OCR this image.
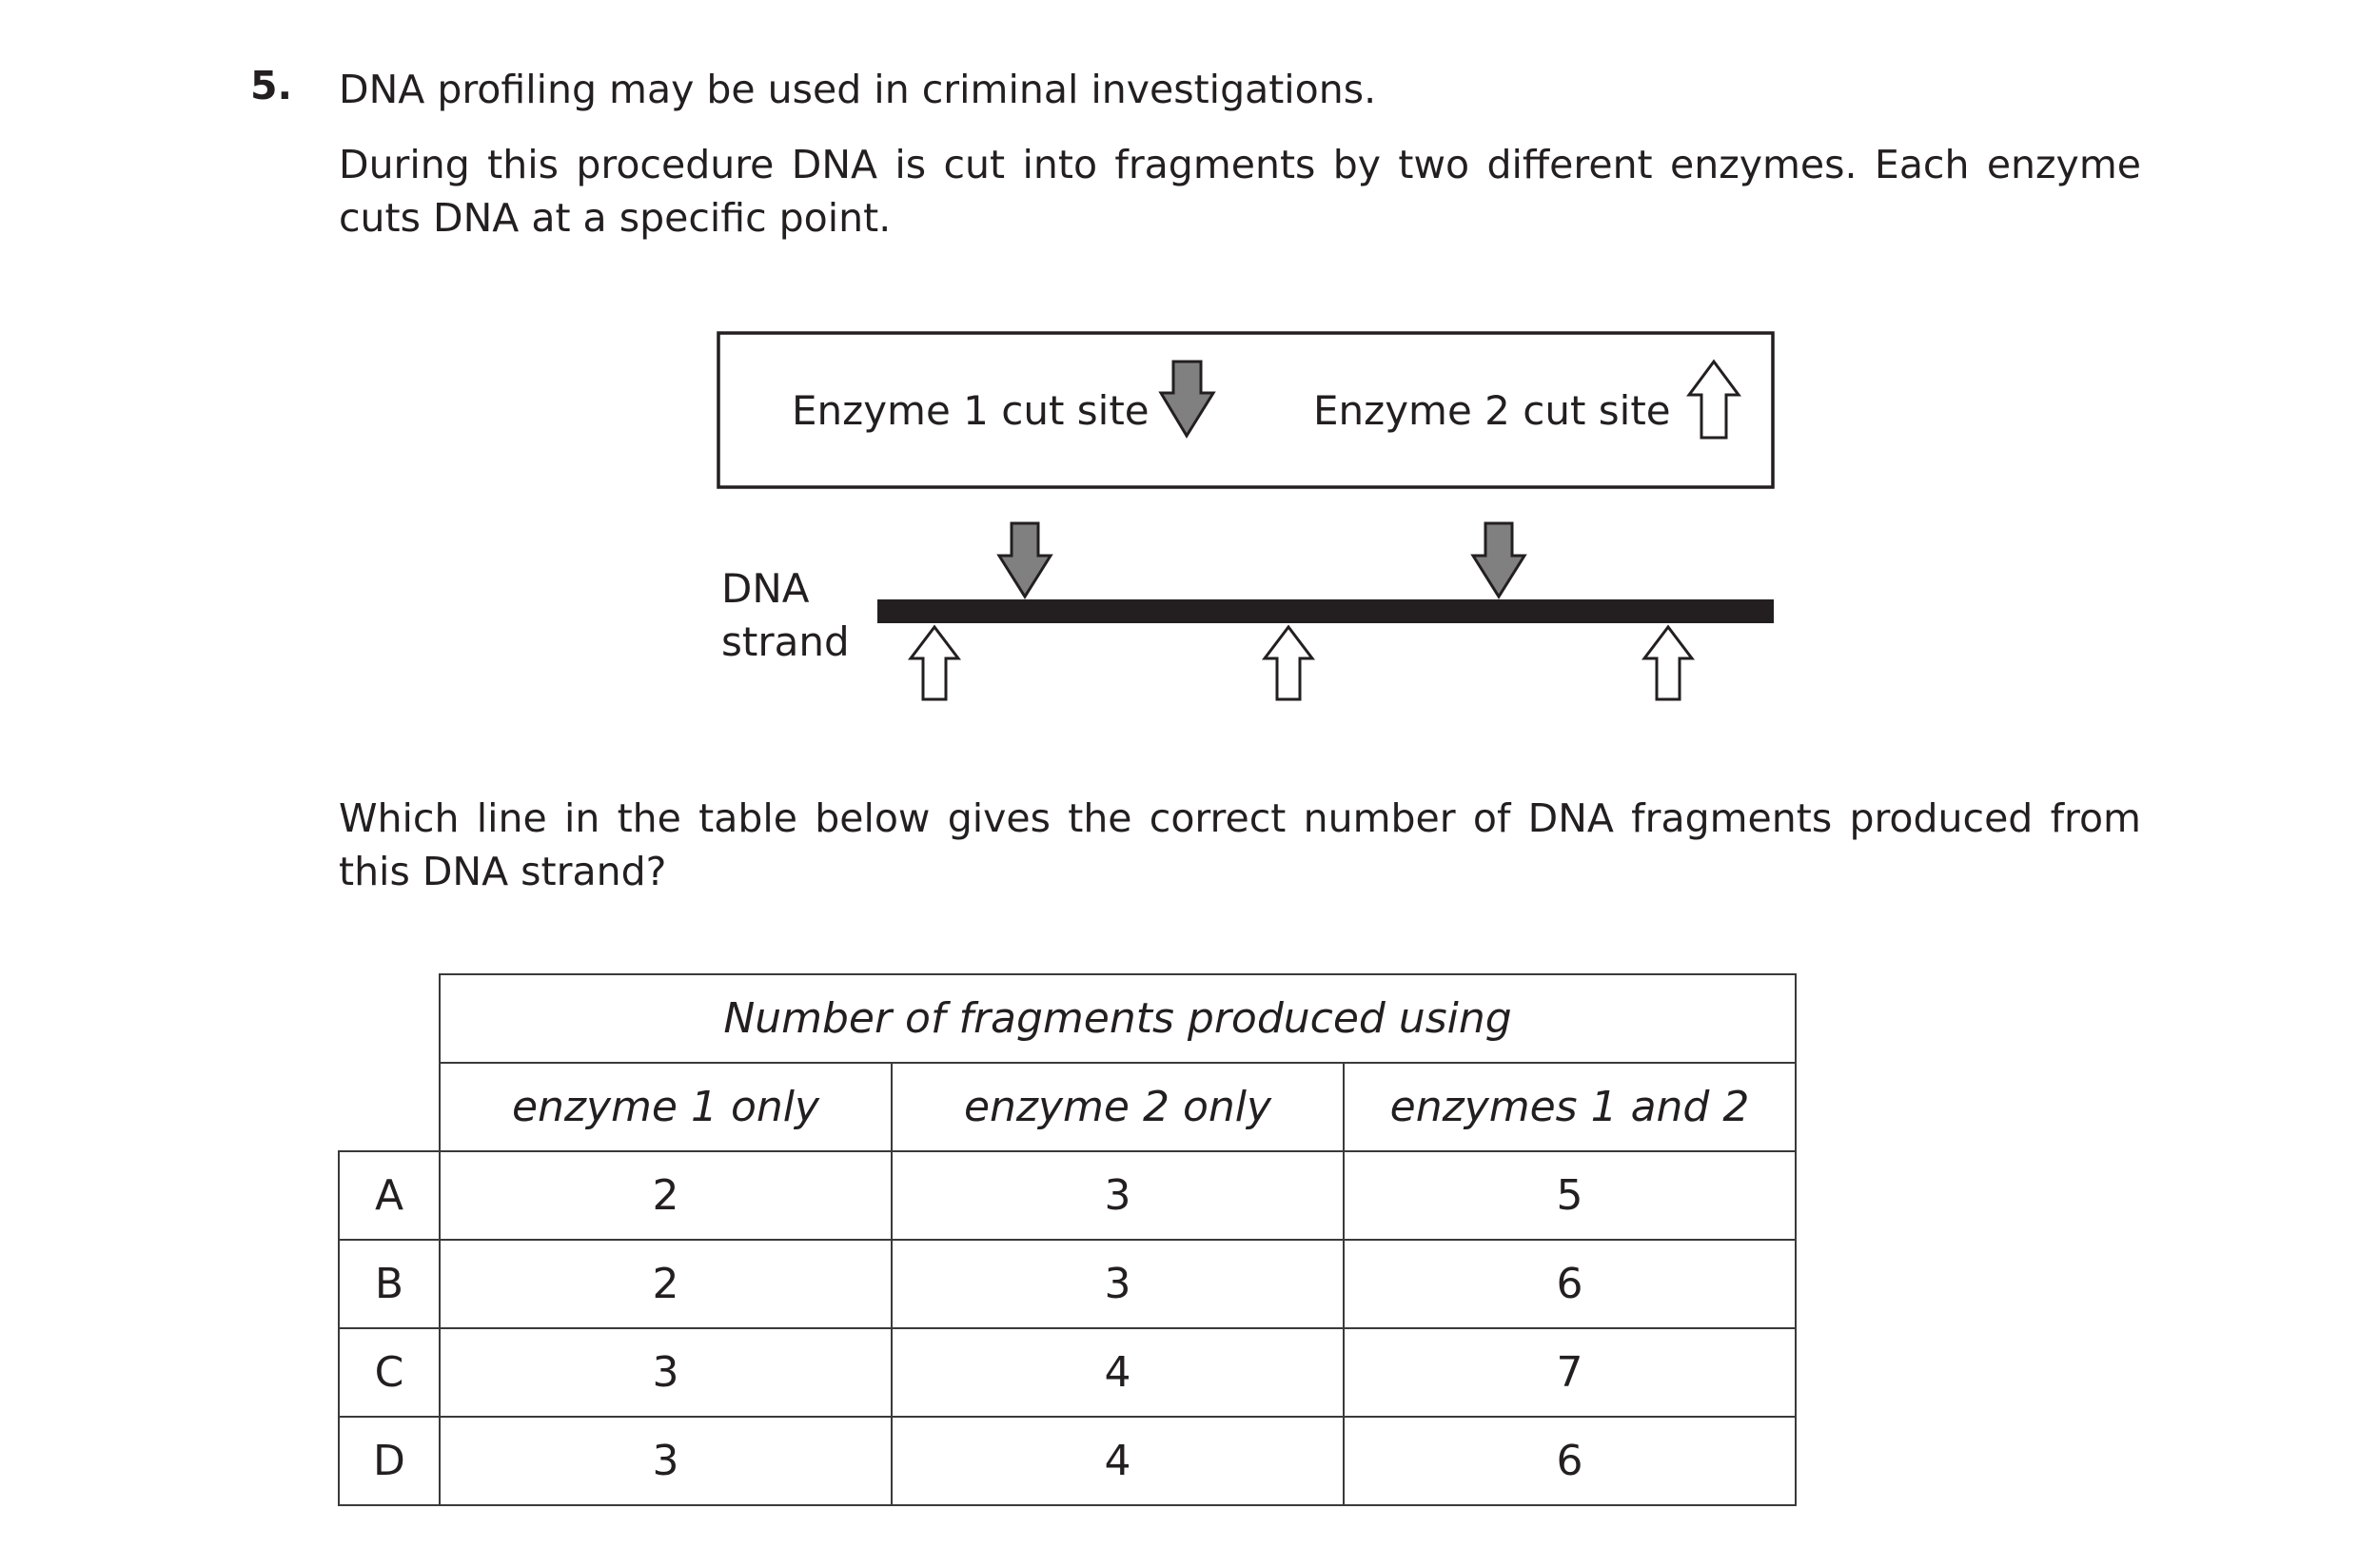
5. DNA profiling may be used in criminal investigations.
During this procedure DNA is cut into fragments by two different enzymes. Each enzyme cuts DNA at a specific point.
Enzyme 1 cut site	Enzyme 2 cut site
DNA
strand
Which line in the table below gives the correct number of DNA fragments produced from this DNA strand?
	Number of fragments produced using		
	enzyme 1 only	enzyme 2 only	enzymes 1 and 2
A	2	3	5
B	2	3	6
C	3	4	7
D	3	4	6
